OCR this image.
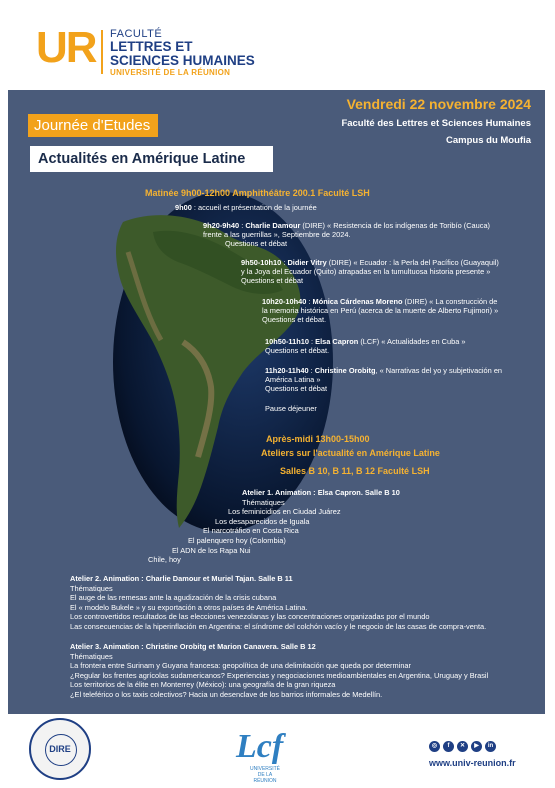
UR FACULTÉ
LETTRES ET
SCIENCES HUMAINES
UNIVERSITÉ DE LA RÉUNION
Vendredi 22 novembre 2024
Faculté des Lettres et Sciences Humaines
Campus du Moufia
Journée d'Etudes
Actualités en Amérique Latine
Matinée 9h00-12h00 Amphithéâtre 200.1 Faculté LSH
9h00 : accueil et présentation de la journée
9h20-9h40 : Charlie Damour (DIRE) « Resistencia de los indígenas de Toribío (Cauca)
frente a las guerrillas », Septiembre de 2024.
Questions et débat
9h50-10h10 : Didier Vitry (DIRE) « Ecuador : la Perla del Pacífico (Guayaquil)
y la Joya del Ecuador (Quito) atrapadas en la tumultuosa historia presente »
Questions et débat
10h20-10h40 : Mónica Cárdenas Moreno (DIRE) « La construcción de
la memoria histórica en Perú (acerca de la muerte de Alberto Fujimori) »
Questions et débat.
10h50-11h10 : Elsa Capron (LCF) « Actualidades en Cuba »
Questions et débat.
11h20-11h40 : Christine Orobitg, « Narrativas del yo y subjetivación en
América Latina »
Questions et débat
Pause déjeuner
Après-midi 13h00-15h00
Ateliers sur l'actualité en Amérique Latine
Salles B 10, B 11, B 12 Faculté LSH
Atelier 1. Animation : Elsa Capron. Salle B 10
Thématiques
Los feminicidios en Ciudad Juárez
Los desaparecidos de Iguala
El narcotráfico en Costa Rica
El palenquero hoy (Colombia)
El ADN de los Rapa Nui
Chile, hoy
Atelier 2. Animation : Charlie Damour et Muriel Tajan. Salle B 11
Thématiques
El auge de las remesas ante la agudización de la crisis cubana
El « modelo Bukele » y su exportación a otros países de América Latina.
Los controvertidos resultados de las elecciones venezolanas y las concentraciones organizadas por el mundo
Las consecuencias de la hiperinflación en Argentina: el síndrome del colchón vacío y le negocio de las casas de compra-venta.
Atelier 3. Animation : Christine Orobitg et Marion Canavera. Salle B 12
Thématiques
La frontera entre Surinam y Guyana francesa: geopolítica de una delimitación que queda por determinar
¿Regular los frentes agrícolas sudamericanos? Experiencias y negociaciones medioambientales en Argentina, Uruguay y Brasil
Los territorios de la élite en Monterrey (México): una geografía de la gran riqueza
¿El teleférico o los taxis colectivos? Hacia un desenclave de los barrios informales de Medellín.
DIRE	Lcf
UNIVERSITÉ DE LA RÉUNION
◎	f	✕	▶	in
www.univ-reunion.fr
